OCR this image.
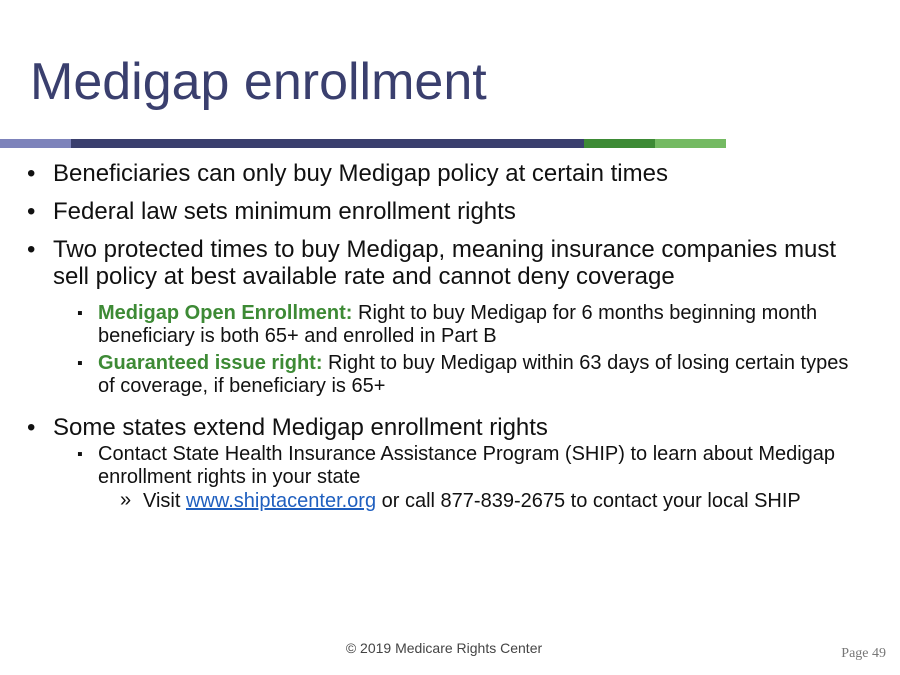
Medigap enrollment
• Beneficiaries can only buy Medigap policy at certain times
• Federal law sets minimum enrollment rights
• Two protected times to buy Medigap, meaning insurance companies must sell policy at best available rate and cannot deny coverage
▪ Medigap Open Enrollment: Right to buy Medigap for 6 months beginning month beneficiary is both 65+ and enrolled in Part B
▪ Guaranteed issue right: Right to buy Medigap within 63 days of losing certain types of coverage, if beneficiary is 65+
• Some states extend Medigap enrollment rights
▪ Contact State Health Insurance Assistance Program (SHIP) to learn about Medigap enrollment rights in your state
» Visit www.shiptacenter.org or call 877-839-2675 to contact your local SHIP
© 2019 Medicare Rights Center	Page 49
